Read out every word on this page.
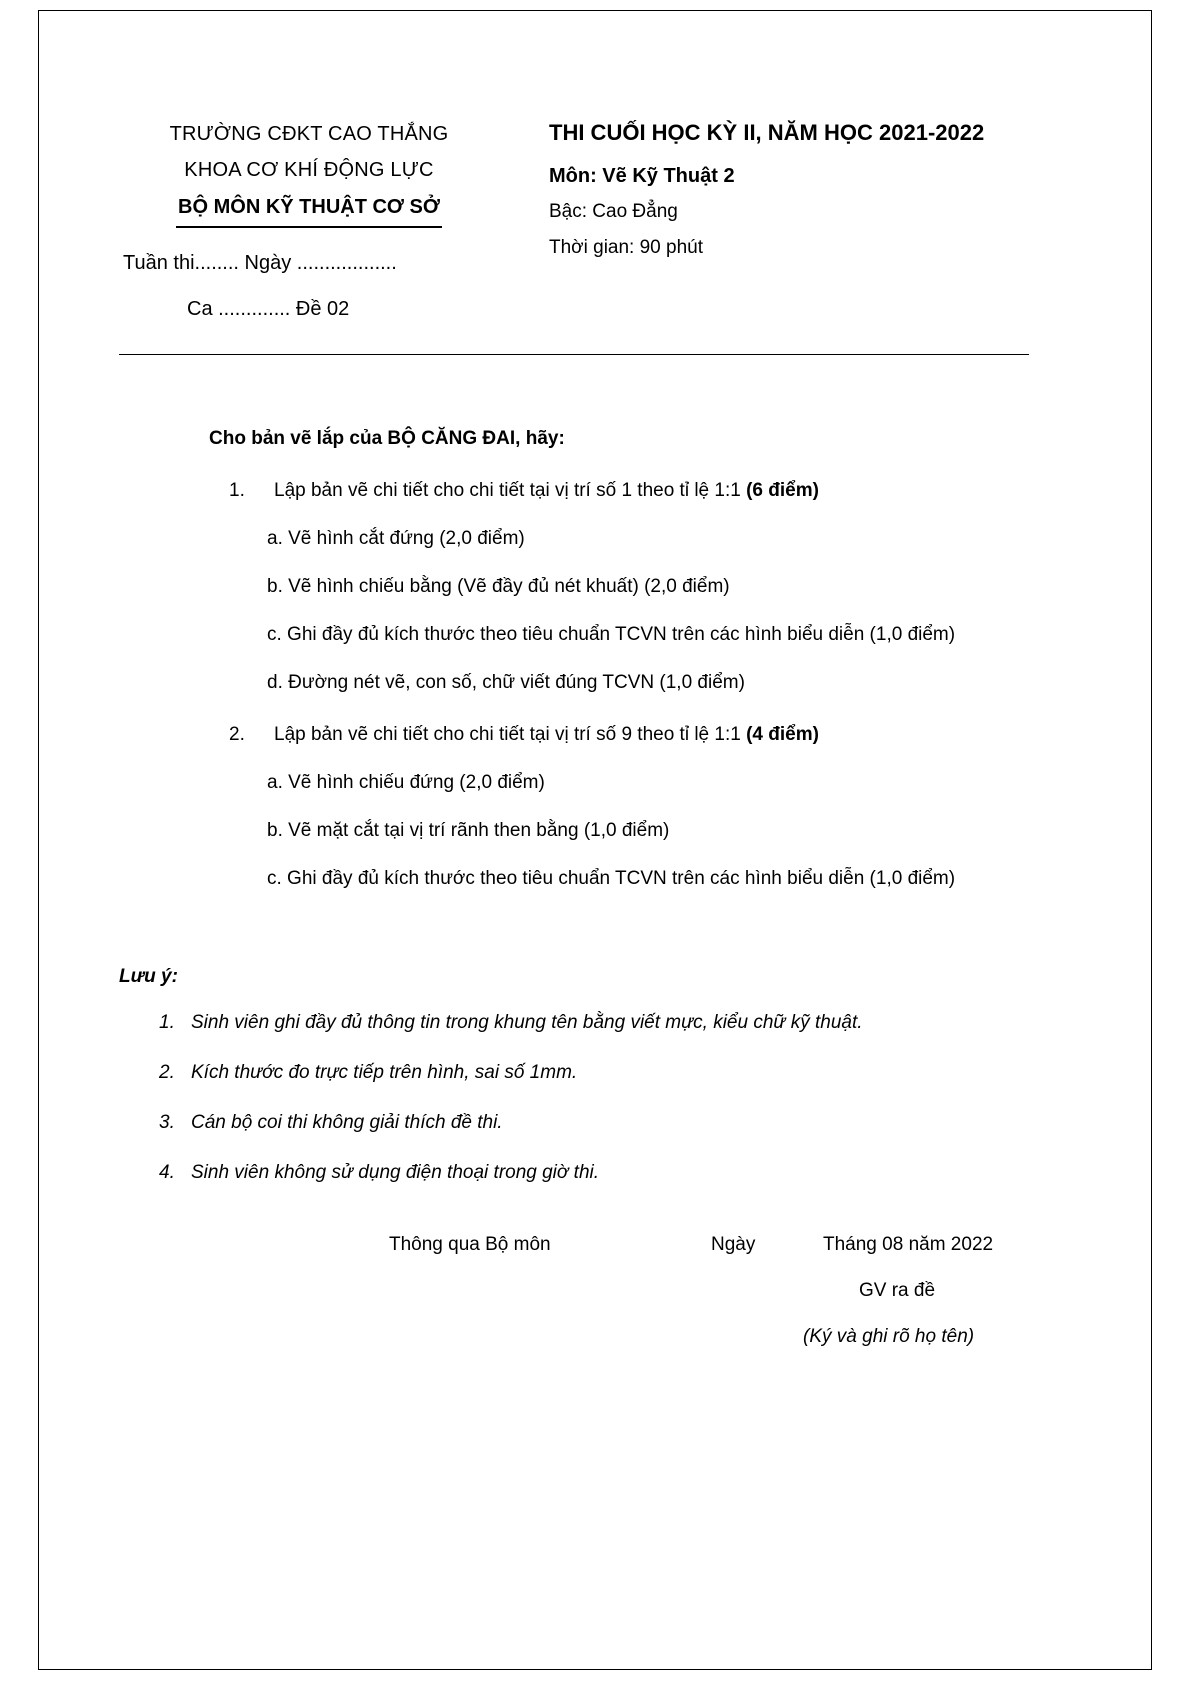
TRƯỜNG CĐKT CAO THẮNG
KHOA CƠ KHÍ ĐỘNG LỰC
BỘ MÔN KỸ THUẬT CƠ SỞ
Tuần thi........ Ngày ..................
Ca ............. Đề 02
THI CUỐI HỌC KỲ II, NĂM HỌC 2021-2022
Môn: Vẽ Kỹ Thuật 2
Bậc: Cao Đẳng
Thời gian: 90 phút
Cho bản vẽ lắp của BỘ CĂNG ĐAI, hãy:
1.	Lập bản vẽ chi tiết cho chi tiết tại vị trí số 1 theo tỉ lệ 1:1 (6 điểm)
a. Vẽ hình cắt đứng (2,0 điểm)
b. Vẽ hình chiếu bằng (Vẽ đầy đủ nét khuất) (2,0 điểm)
c. Ghi đầy đủ kích thước theo tiêu chuẩn TCVN trên các hình biểu diễn (1,0 điểm)
d. Đường nét vẽ, con số, chữ viết đúng TCVN (1,0 điểm)
2.	Lập bản vẽ chi tiết cho chi tiết tại vị trí số 9 theo tỉ lệ 1:1 (4 điểm)
a. Vẽ hình chiếu đứng (2,0 điểm)
b. Vẽ mặt cắt tại vị trí rãnh then bằng (1,0 điểm)
c. Ghi đầy đủ kích thước theo tiêu chuẩn TCVN trên các hình biểu diễn (1,0 điểm)
Lưu ý:
1. Sinh viên ghi đầy đủ thông tin trong khung tên bằng viết mực, kiểu chữ kỹ thuật.
2. Kích thước đo trực tiếp trên hình, sai số 1mm.
3. Cán bộ coi thi không giải thích đề thi.
4. Sinh viên không sử dụng điện thoại trong giờ thi.
Thông qua Bộ môn	Ngày	Tháng 08 năm 2022
GV ra đề
(Ký và ghi rõ họ tên)
